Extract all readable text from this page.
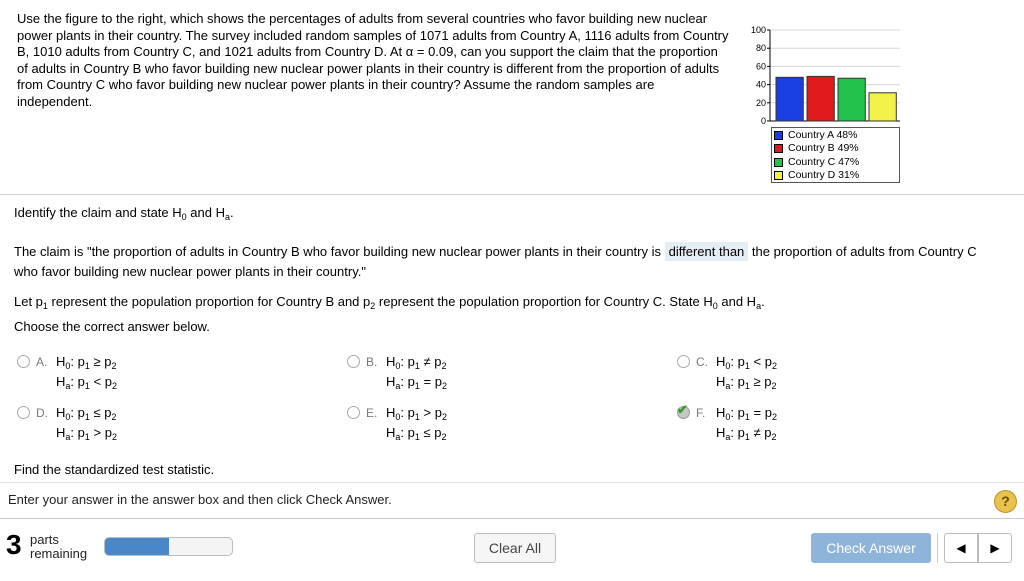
Use the figure to the right, which shows the percentages of adults from several countries who favor building new nuclear power plants in their country. The survey included random samples of 1071 adults from Country A, 1116 adults from Country B, 1010 adults from Country C, and 1021 adults from Country D. At α = 0.09, can you support the claim that the proportion of adults in Country B who favor building new nuclear power plants in their country is different from the proportion of adults from Country C who favor building new nuclear power plants in their country? Assume the random samples are independent.
0
20
40
60
80
100
Country A 48%
Country B 49%
Country C 47%
Country D 31%
Identify the claim and state $H_0$ and $H_a$.
The claim is "the proportion of adults in Country B who favor building new nuclear power plants in their country is different than the proportion of adults from Country C who favor building new nuclear power plants in their country."
Let $p_1$ represent the population proportion for Country B and $p_2$ represent the population proportion for Country C. State $H_0$ and $H_a$.
Choose the correct answer below.
A. $H_0$: $p_1 \ge p_2$
$H_a$: $p_1 < p_2$
B. $H_0$: $p_1 \ne p_2$
$H_a$: $p_1 = p_2$
C. $H_0$: $p_1 < p_2$
$H_a$: $p_1 \ge p_2$
D. $H_0$: $p_1 \le p_2$
$H_a$: $p_1 > p_2$
E. $H_0$: $p_1 > p_2$
$H_a$: $p_1 \le p_2$
✔ F. $H_0$: $p_1 = p_2$
$H_a$: $p_1 \ne p_2$
Find the standardized test statistic.
Enter your answer in the answer box and then click Check Answer.	?
3 parts
remaining	Clear All	Check Answer	◀	▶
